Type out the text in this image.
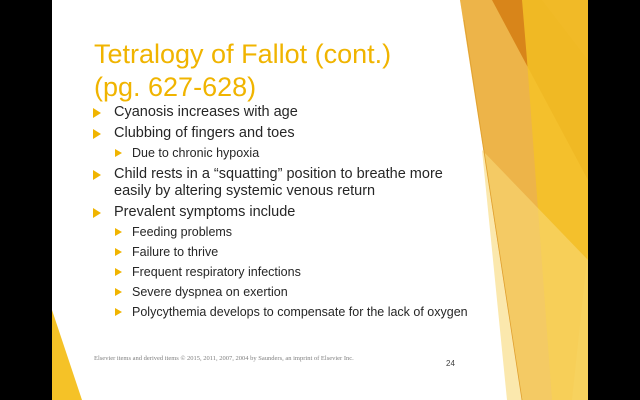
Tetralogy of Fallot (cont.)
(pg. 627-628)
Cyanosis increases with age
Clubbing of fingers and toes
Due to chronic hypoxia
Child rests in a “squatting” position to breathe more easily by altering systemic venous return
Prevalent symptoms include
Feeding problems
Failure to thrive
Frequent respiratory infections
Severe dyspnea on exertion
Polycythemia develops to compensate for the lack of oxygen
Elsevier items and derived items © 2015, 2011, 2007, 2004 by Saunders, an imprint of Elsevier Inc.
24
